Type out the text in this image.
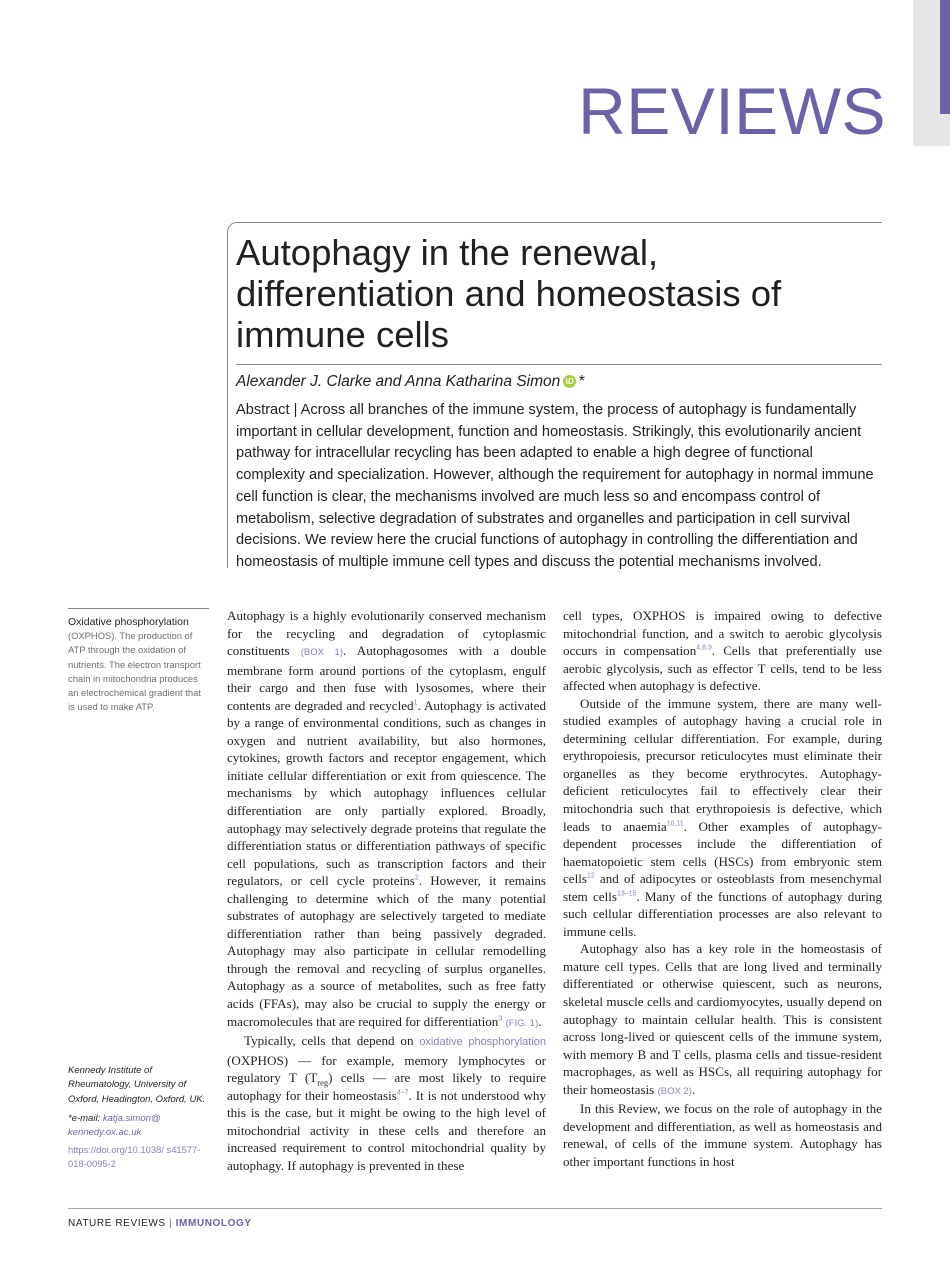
REVIEWS
Autophagy in the renewal, differentiation and homeostasis of immune cells
Alexander J. Clarke and Anna Katharina Simon iD *

Abstract | Across all branches of the immune system, the process of autophagy is fundamentally important in cellular development, function and homeostasis. Strikingly, this evolutionarily ancient pathway for intracellular recycling has been adapted to enable a high degree of functional complexity and specialization. However, although the requirement for autophagy in normal immune cell function is clear, the mechanisms involved are much less so and encompass control of metabolism, selective degradation of substrates and organelles and participation in cell survival decisions. We review here the crucial functions of autophagy in controlling the differentiation and homeostasis of multiple immune cell types and discuss the potential mechanisms involved.

Oxidative phosphorylation
(OXPHOS). The production of ATP through the oxidation of nutrients. The electron transport chain in mitochondria produces an electrochemical gradient that is used to make ATP.

Kennedy Institute of Rheumatology, University of Oxford, Headington, Oxford, UK.

*e-mail: katja.simon@ kennedy.ox.ac.uk
https://doi.org/10.1038/ s41577-018-0095-2

Autophagy is a highly evolutionarily conserved mechanism for the recycling and degradation of cytoplasmic constituents (BOX 1). Autophagosomes with a double membrane form around portions of the cytoplasm, engulf their cargo and then fuse with lysosomes, where their contents are degraded and recycled$^1$. Autophagy is activated by a range of environmental conditions, such as changes in oxygen and nutrient availability, but also hormones, cytokines, growth factors and receptor engagement, which initiate cellular differentiation or exit from quiescence. The mechanisms by which autophagy influences cellular differentiation are only partially explored. Broadly, autophagy may selectively degrade proteins that regulate the differentiation status or differentiation pathways of specific cell populations, such as transcription factors and their regulators, or cell cycle proteins$^2$. However, it remains challenging to determine which of the many potential substrates of autophagy are selectively targeted to mediate differentiation rather than being passively degraded. Autophagy may also participate in cellular remodelling through the removal and recycling of surplus organelles. Autophagy as a source of metabolites, such as free fatty acids (FFAs), may also be crucial to supply the energy or macromolecules that are required for differentiation$^3$ (FIG. 1).

Typically, cells that depend on oxidative phosphorylation (OXPHOS) — for example, memory lymphocytes or regulatory T $(T_{reg})$ cells — are most likely to require autophagy for their homeostasis$^{4-7}$. It is not understood why this is the case, but it might be owing to the high level of mitochondrial activity in these cells and therefore an increased requirement to control mitochondrial quality by autophagy. If autophagy is prevented in these

cell types, OXPHOS is impaired owing to defective mitochondrial function, and a switch to aerobic glycolysis occurs in compensation$^{4,8,9}$. Cells that preferentially use aerobic glycolysis, such as effector T cells, tend to be less affected when autophagy is defective.

Outside of the immune system, there are many well-studied examples of autophagy having a crucial role in determining cellular differentiation. For example, during erythropoiesis, precursor reticulocytes must eliminate their organelles as they become erythrocytes. Autophagy-deficient reticulocytes fail to effectively clear their mitochondria such that erythropoiesis is defective, which leads to anaemia$^{10,11}$. Other examples of autophagy-dependent processes include the differentiation of haematopoietic stem cells (HSCs) from embryonic stem cells$^{12}$ and of adipocytes or osteoblasts from mesenchymal stem cells$^{13-15}$. Many of the functions of autophagy during such cellular differentiation processes are also relevant to immune cells.

Autophagy also has a key role in the homeostasis of mature cell types. Cells that are long lived and terminally differentiated or otherwise quiescent, such as neurons, skeletal muscle cells and cardiomyocytes, usually depend on autophagy to maintain cellular health. This is consistent across long-lived or quiescent cells of the immune system, with memory B and T cells, plasma cells and tissue-resident macrophages, as well as HSCs, all requiring autophagy for their homeostasis (BOX 2).

In this Review, we focus on the role of autophagy in the development and differentiation, as well as homeostasis and renewal, of cells of the immune system. Autophagy has other important functions in host

NATURE REVIEWS | IMMUNOLOGY
